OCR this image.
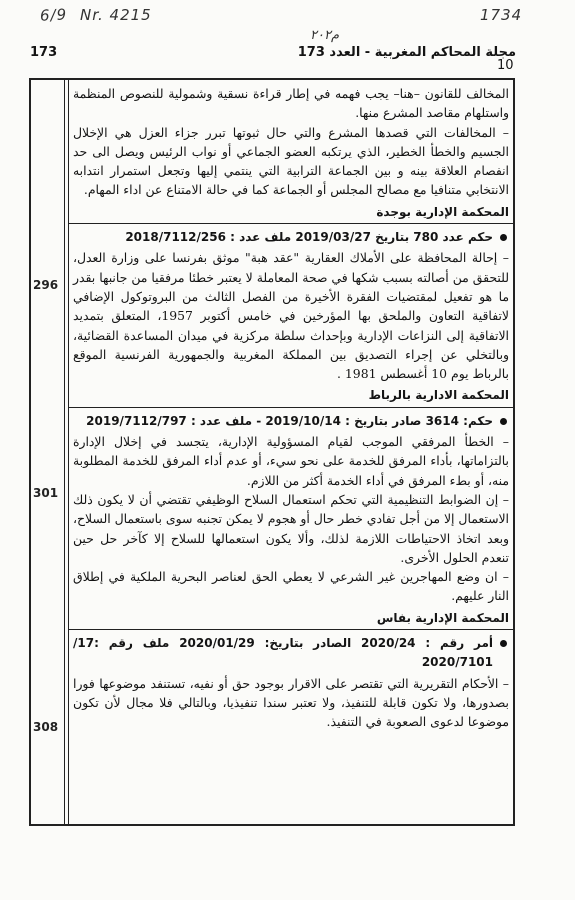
6/9 Nr. 4215	1734
م٢٠٢
173	مجلة المحاكم المغربية - العدد 173
10
296
301
308

المخالف للقانون –هنا– يجب فهمه في إطار قراءة نسقية وشمولية للنصوص المنظمة واستلهام مقاصد المشرع منها.

– المخالفات التي قصدها المشرع والتي حال ثبوتها تبرر جزاء العزل هي الإخلال الجسيم والخطأ الخطير، الذي يرتكبه العضو الجماعي أو نواب الرئيس ويصل الى حد انفصام العلاقة بينه و بين الجماعة الترابية التي ينتمي إليها وتجعل استمرار انتدابه الانتخابي متنافيا مع مصالح المجلس أو الجماعة كما في حالة الامتناع عن اداء المهام.

المحكمة الإدارية بوجدة
حكم عدد 780 بتاريخ 2019/03/27 ملف عدد : 2018/7112/256

– إحالة المحافظة على الأملاك العقارية "عقد هبة" موثق بفرنسا على وزارة العدل، للتحقق من أصالته بسبب شكها في صحة المعاملة لا يعتبر خطئا مرفقيا من جانبها بقدر ما هو تفعيل لمقتضيات الفقرة الأخيرة من الفصل الثالث من البروتوكول الإضافي لاتفاقية التعاون والملحق بها المؤرخين في خامس أكتوبر 1957، المتعلق بتمديد الاتفاقية إلى النزاعات الإدارية وبإحداث سلطة مركزية في ميدان المساعدة القضائية، وبالتخلي عن إجراء التصديق بين المملكة المغربية والجمهورية الفرنسية الموقع بالرباط يوم 10 أغسطس 1981 .

المحكمة الادارية بالرباط
حكم: 3614 صادر بتاريخ : 2019/10/14 - ملف عدد : 2019/7112/797

– الخطأ المرفقي الموجب لقيام المسؤولية الإدارية، يتجسد في إخلال الإدارة بالتزاماتها، بأداء المرفق للخدمة على نحو سيء، أو عدم أداء المرفق للخدمة المطلوبة منه، أو بطء المرفق في أداء الخدمة أكثر من اللازم.

– إن الضوابط التنظيمية التي تحكم استعمال السلاح الوظيفي تقتضي أن لا يكون ذلك الاستعمال إلا من أجل تفادي خطر حال أو هجوم لا يمكن تجنبه سوى باستعمال السلاح، وبعد اتخاذ الاحتياطات اللازمة لذلك، وألا يكون استعمالها للسلاح إلا كآخر حل حين تنعدم الحلول الأخرى.

– ان وضع المهاجرين غير الشرعي لا يعطي الحق لعناصر البحرية الملكية في إطلاق النار عليهم.

المحكمة الإدارية بفاس
أمر رقم : 2020/24 الصادر بتاريخ: 2020/01/29 ملف رقم :17/ 2020/7101

– الأحكام التقريرية التي تقتصر على الاقرار بوجود حق أو نفيه، تستنفد موضوعها فورا بصدورها، ولا تكون قابلة للتنفيذ، ولا تعتبر سندا تنفيذيا، وبالتالي فلا مجال لأن تكون موضوعا لدعوى الصعوبة في التنفيذ.
